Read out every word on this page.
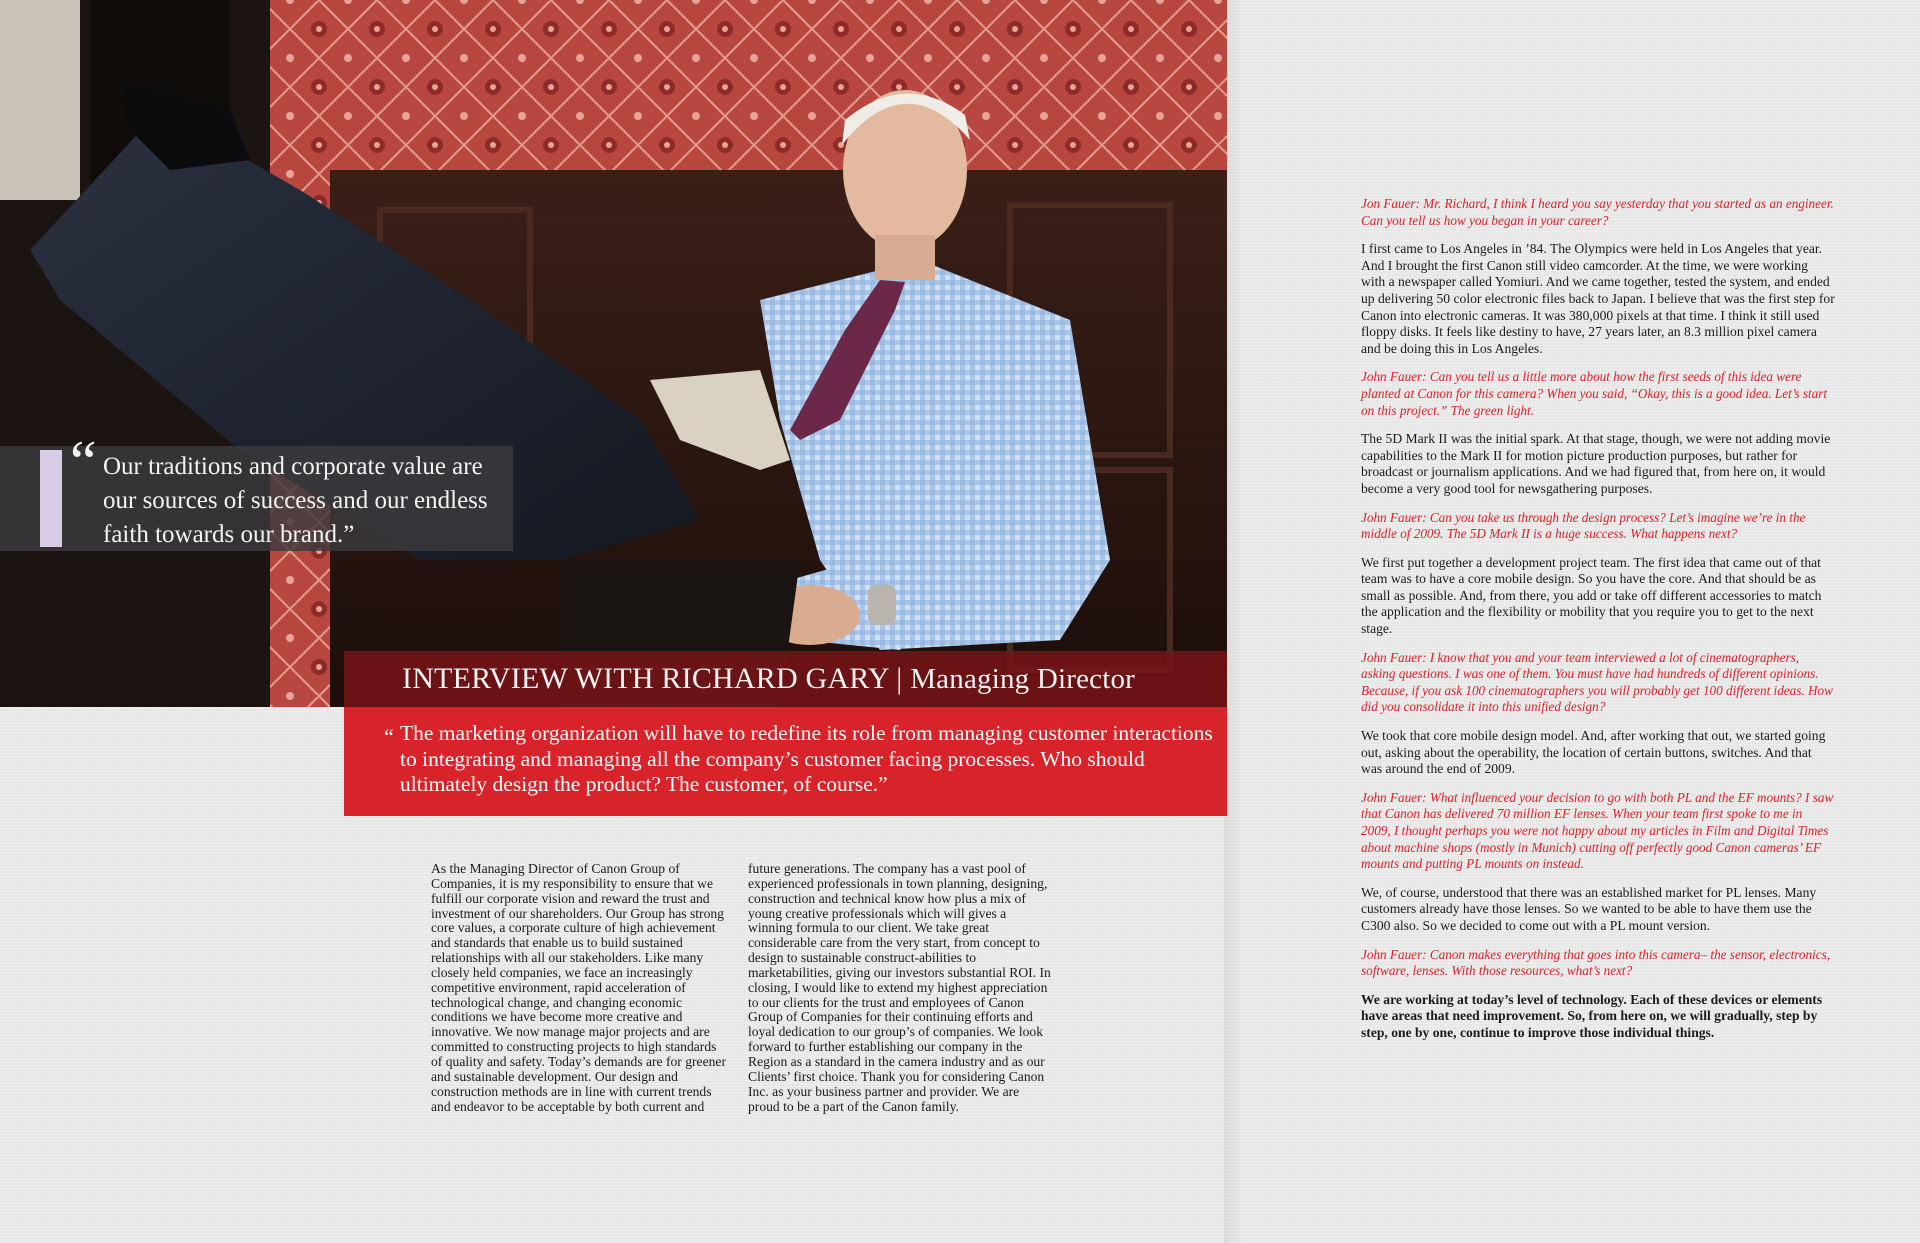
“ Our traditions and corporate value are our sources of success and our endless faith towards our brand.”
INTERVIEW WITH RICHARD GARY | Managing Director
“ The marketing organization will have to redefine its role from managing customer interactions to integrating and managing all the company’s customer facing processes. Who should ultimately design the product? The customer, of course.”
As the Managing Director of Canon Group of Companies, it is my responsibility to ensure that we fulfill our corporate vision and reward the trust and investment of our shareholders. Our Group has strong core values, a corporate culture of high achievement and standards that enable us to build sustained relationships with all our stakeholders. Like many closely held companies, we face an increasingly competitive environment, rapid acceleration of technological change, and changing economic conditions we have become more creative and innovative. We now manage major projects and are committed to constructing projects to high standards of quality and safety. Today’s demands are for greener and sustainable development. Our design and construction methods are in line with current trends and endeavor to be acceptable by both current and
future generations. The company has a vast pool of experienced professionals in town planning, designing, construction and technical know how plus a mix of young creative professionals which will gives a winning formula to our client. We take great considerable care from the very start, from concept to design to sustainable construct-abilities to marketabilities, giving our investors substantial ROI. In closing, I would like to extend my highest appreciation to our clients for the trust and employees of Canon Group of Companies for their continuing efforts and loyal dedication to our group’s of companies. We look forward to further establishing our company in the Region as a standard in the camera industry and as our Clients’ first choice. Thank you for considering Canon Inc. as your business partner and provider. We are proud to be a part of the Canon family.

Jon Fauer: Mr. Richard, I think I heard you say yesterday that you started as an engineer. Can you tell us how you began in your career?

I first came to Los Angeles in ’84. The Olympics were held in Los Angeles that year. And I brought the first Canon still video camcorder. At the time, we were working with a newspaper called Yomiuri. And we came together, tested the system, and ended up delivering 50 color electronic files back to Japan. I believe that was the first step for Canon into electronic cameras. It was 380,000 pixels at that time. I think it still used floppy disks. It feels like destiny to have, 27 years later, an 8.3 million pixel camera and be doing this in Los Angeles.

John Fauer: Can you tell us a little more about how the first seeds of this idea were planted at Canon for this camera? When you said, “Okay, this is a good idea. Let’s start on this project.” The green light.

The 5D Mark II was the initial spark. At that stage, though, we were not adding movie capabilities to the Mark II for motion picture production purposes, but rather for broadcast or journalism applications. And we had figured that, from here on, it would become a very good tool for newsgathering purposes.

John Fauer: Can you take us through the design process? Let’s imagine we’re in the middle of 2009. The 5D Mark II is a huge success. What happens next?

We first put together a development project team. The first idea that came out of that team was to have a core mobile design. So you have the core. And that should be as small as possible. And, from there, you add or take off different accessories to match the application and the flexibility or mobility that you require you to get to the next stage.

John Fauer: I know that you and your team interviewed a lot of cinematographers, asking questions. I was one of them. You must have had hundreds of different opinions. Because, if you ask 100 cinematographers you will probably get 100 different ideas. How did you consolidate it into this unified design?

We took that core mobile design model. And, after working that out, we started going out, asking about the operability, the location of certain buttons, switches. And that was around the end of 2009.

John Fauer: What influenced your decision to go with both PL and the EF mounts? I saw that Canon has delivered 70 million EF lenses. When your team first spoke to me in 2009, I thought perhaps you were not happy about my articles in Film and Digital Times about machine shops (mostly in Munich) cutting off perfectly good Canon cameras’ EF mounts and putting PL mounts on instead.

We, of course, understood that there was an established market for PL lenses. Many customers already have those lenses. So we wanted to be able to have them use the C300 also. So we decided to come out with a PL mount version.

John Fauer: Canon makes everything that goes into this camera– the sensor, electronics, software, lenses. With those resources, what’s next?

We are working at today’s level of technology. Each of these devices or elements have areas that need improvement. So, from here on, we will gradually, step by step, one by one, continue to improve those individual things.
